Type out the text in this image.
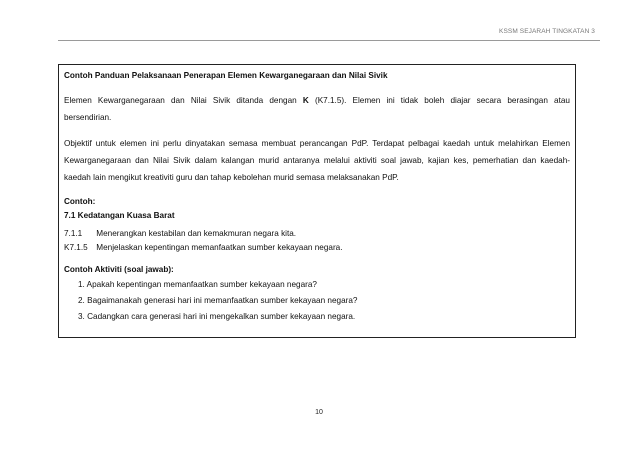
KSSM SEJARAH TINGKATAN 3
Contoh Panduan Pelaksanaan Penerapan Elemen Kewarganegaraan dan Nilai Sivik
Elemen Kewarganegaraan dan Nilai Sivik ditanda dengan K (K7.1.5). Elemen ini tidak boleh diajar secara berasingan atau
bersendirian.
Objektif untuk elemen ini perlu dinyatakan semasa membuat perancangan PdP. Terdapat pelbagai kaedah untuk melahirkan Elemen
Kewarganegaraan dan Nilai Sivik dalam kalangan murid antaranya melalui aktiviti soal jawab, kajian kes, pemerhatian dan kaedah-
kaedah lain mengikut kreativiti guru dan tahap kebolehan murid semasa melaksanakan PdP.
Contoh:
7.1 Kedatangan Kuasa Barat
7.1.1 Menerangkan kestabilan dan kemakmuran negara kita.
K7.1.5 Menjelaskan kepentingan memanfaatkan sumber kekayaan negara.
Contoh Aktiviti (soal jawab):
1. Apakah kepentingan memanfaatkan sumber kekayaan negara?
2. Bagaimanakah generasi hari ini memanfaatkan sumber kekayaan negara?
3. Cadangkan cara generasi hari ini mengekalkan sumber kekayaan negara.
10
